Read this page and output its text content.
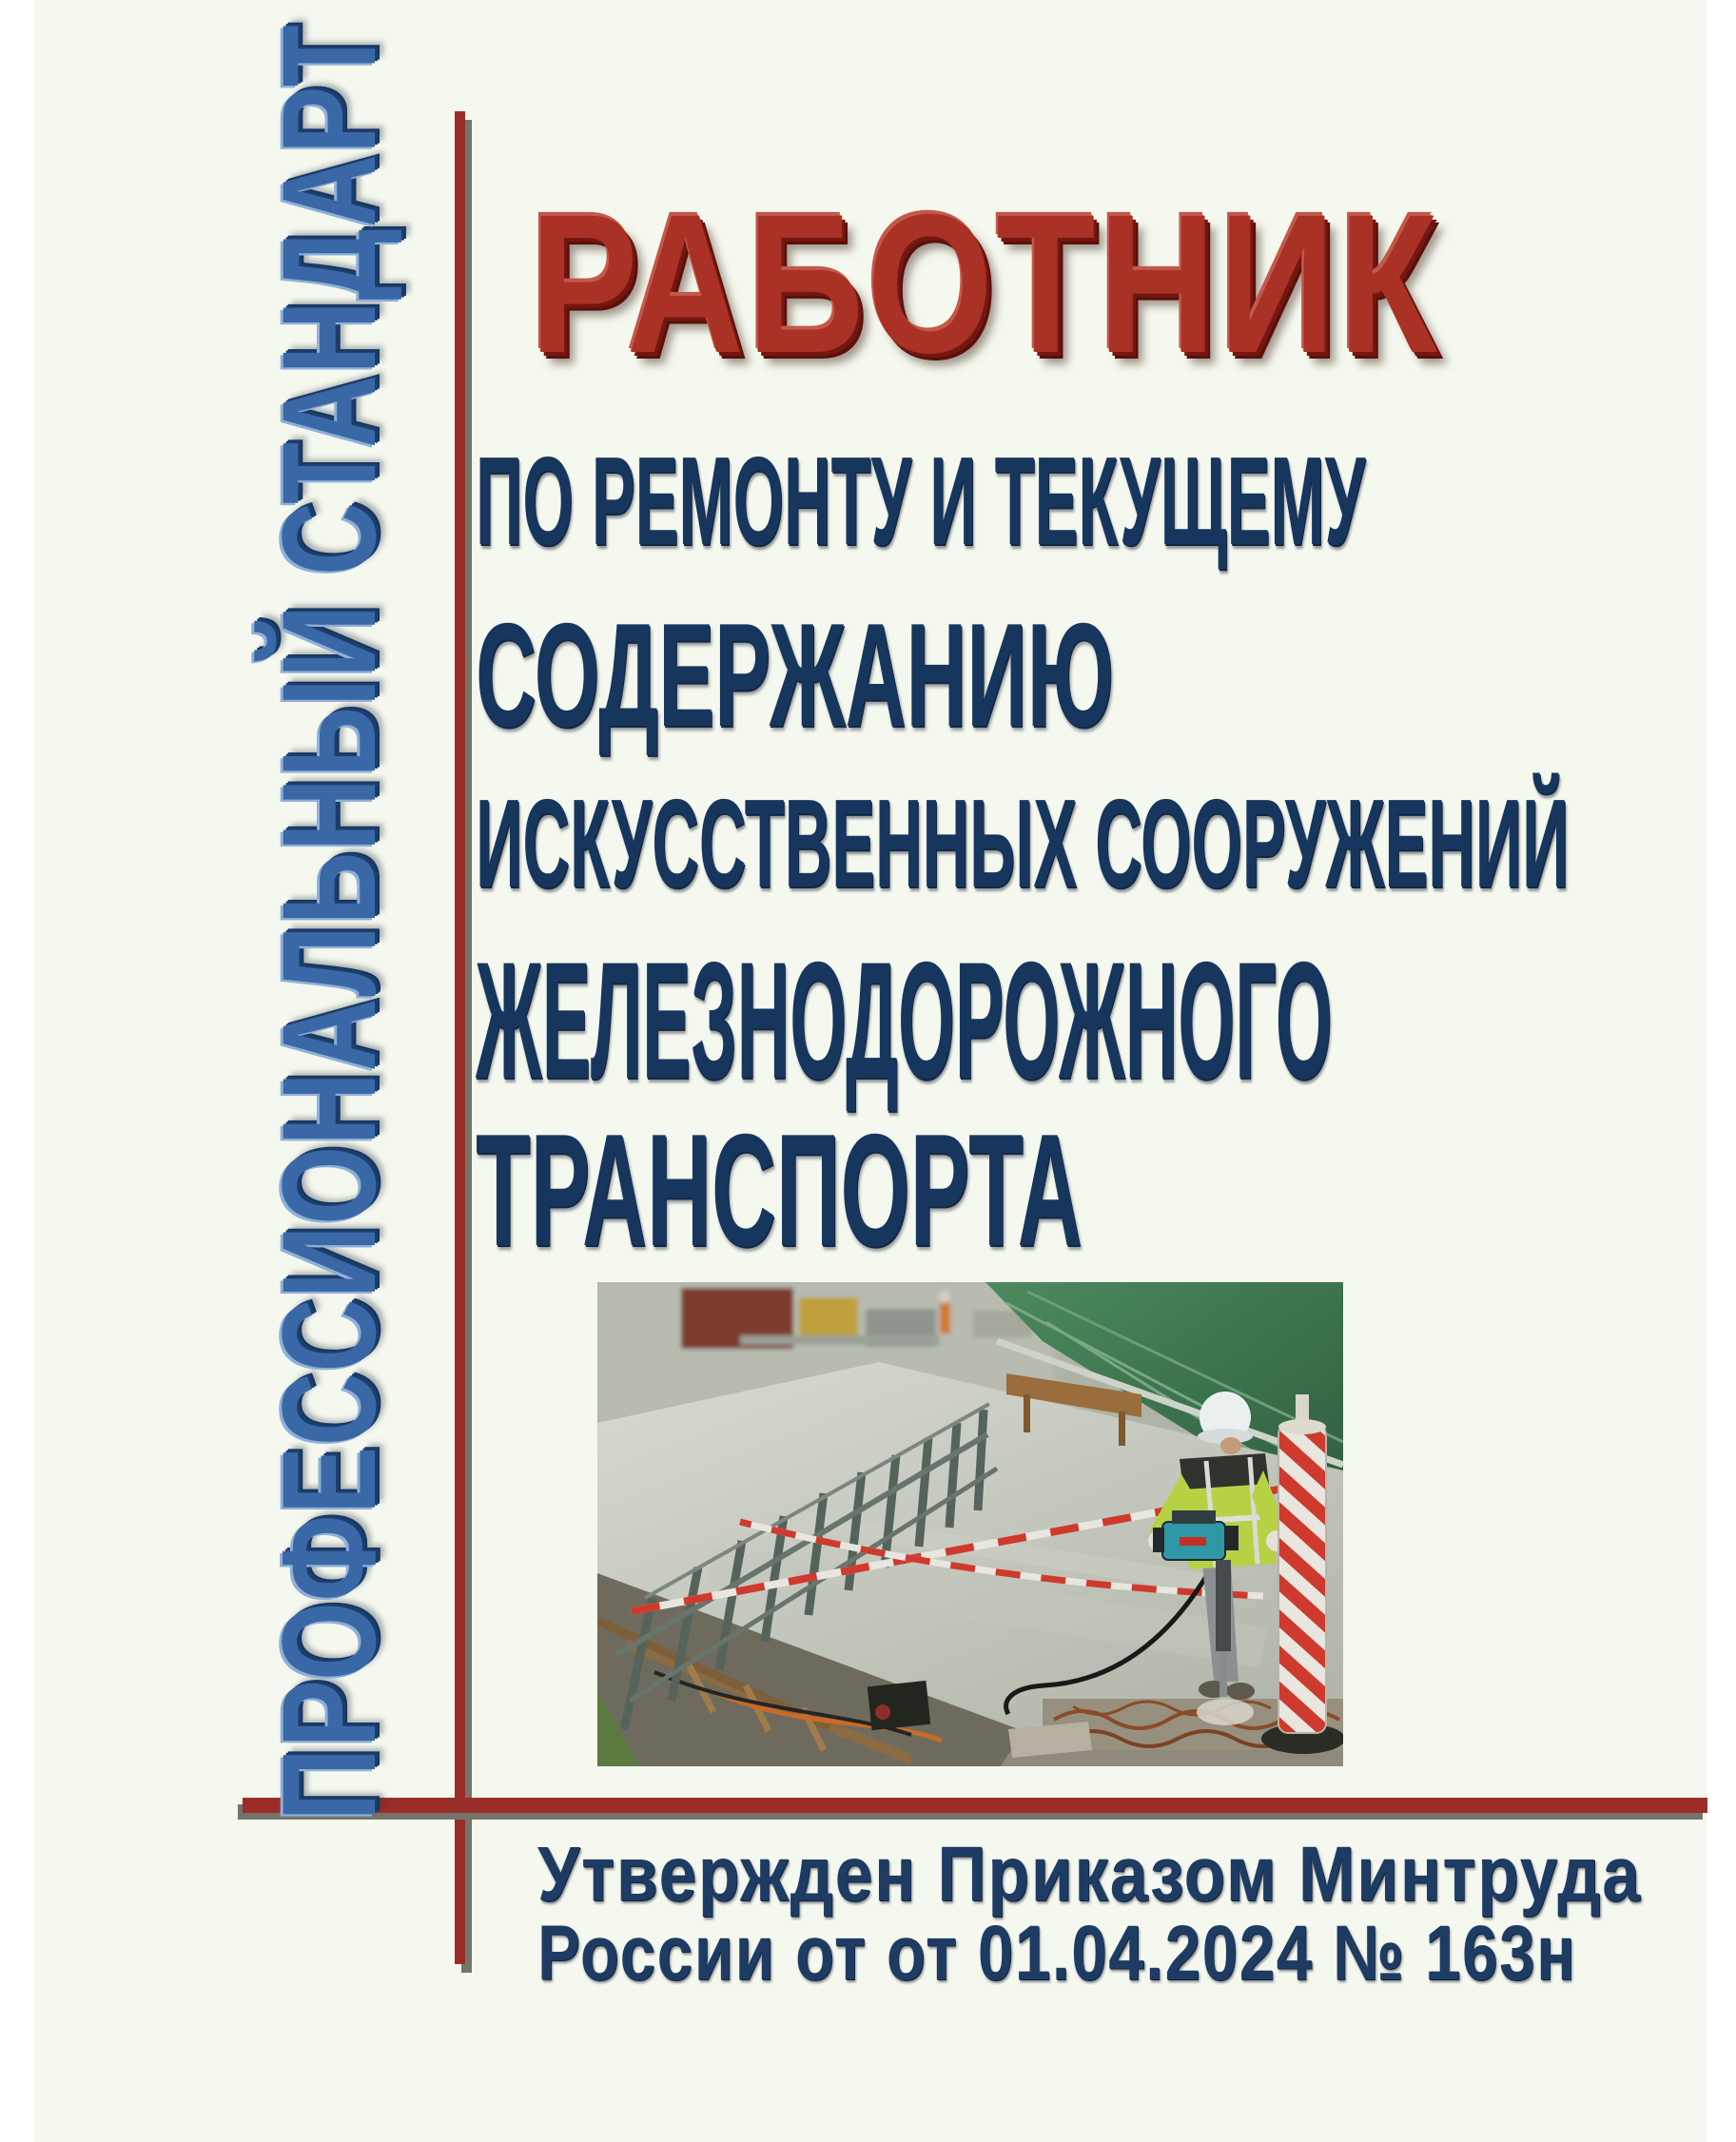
ПРОФЕССИОНАЛЬНЫЙ СТАНДАРТ РАБОТНИК
ПО РЕМОНТУ И ТЕКУЩЕМУ
СОДЕРЖАНИЮ
ИСКУССТВЕННЫХ СООРУЖЕНИЙ
ЖЕЛЕЗНОДОРОЖНОГО
ТРАНСПОРТА
Утвержден Приказом Минтруда
России от от 01.04.2024 № 163н
